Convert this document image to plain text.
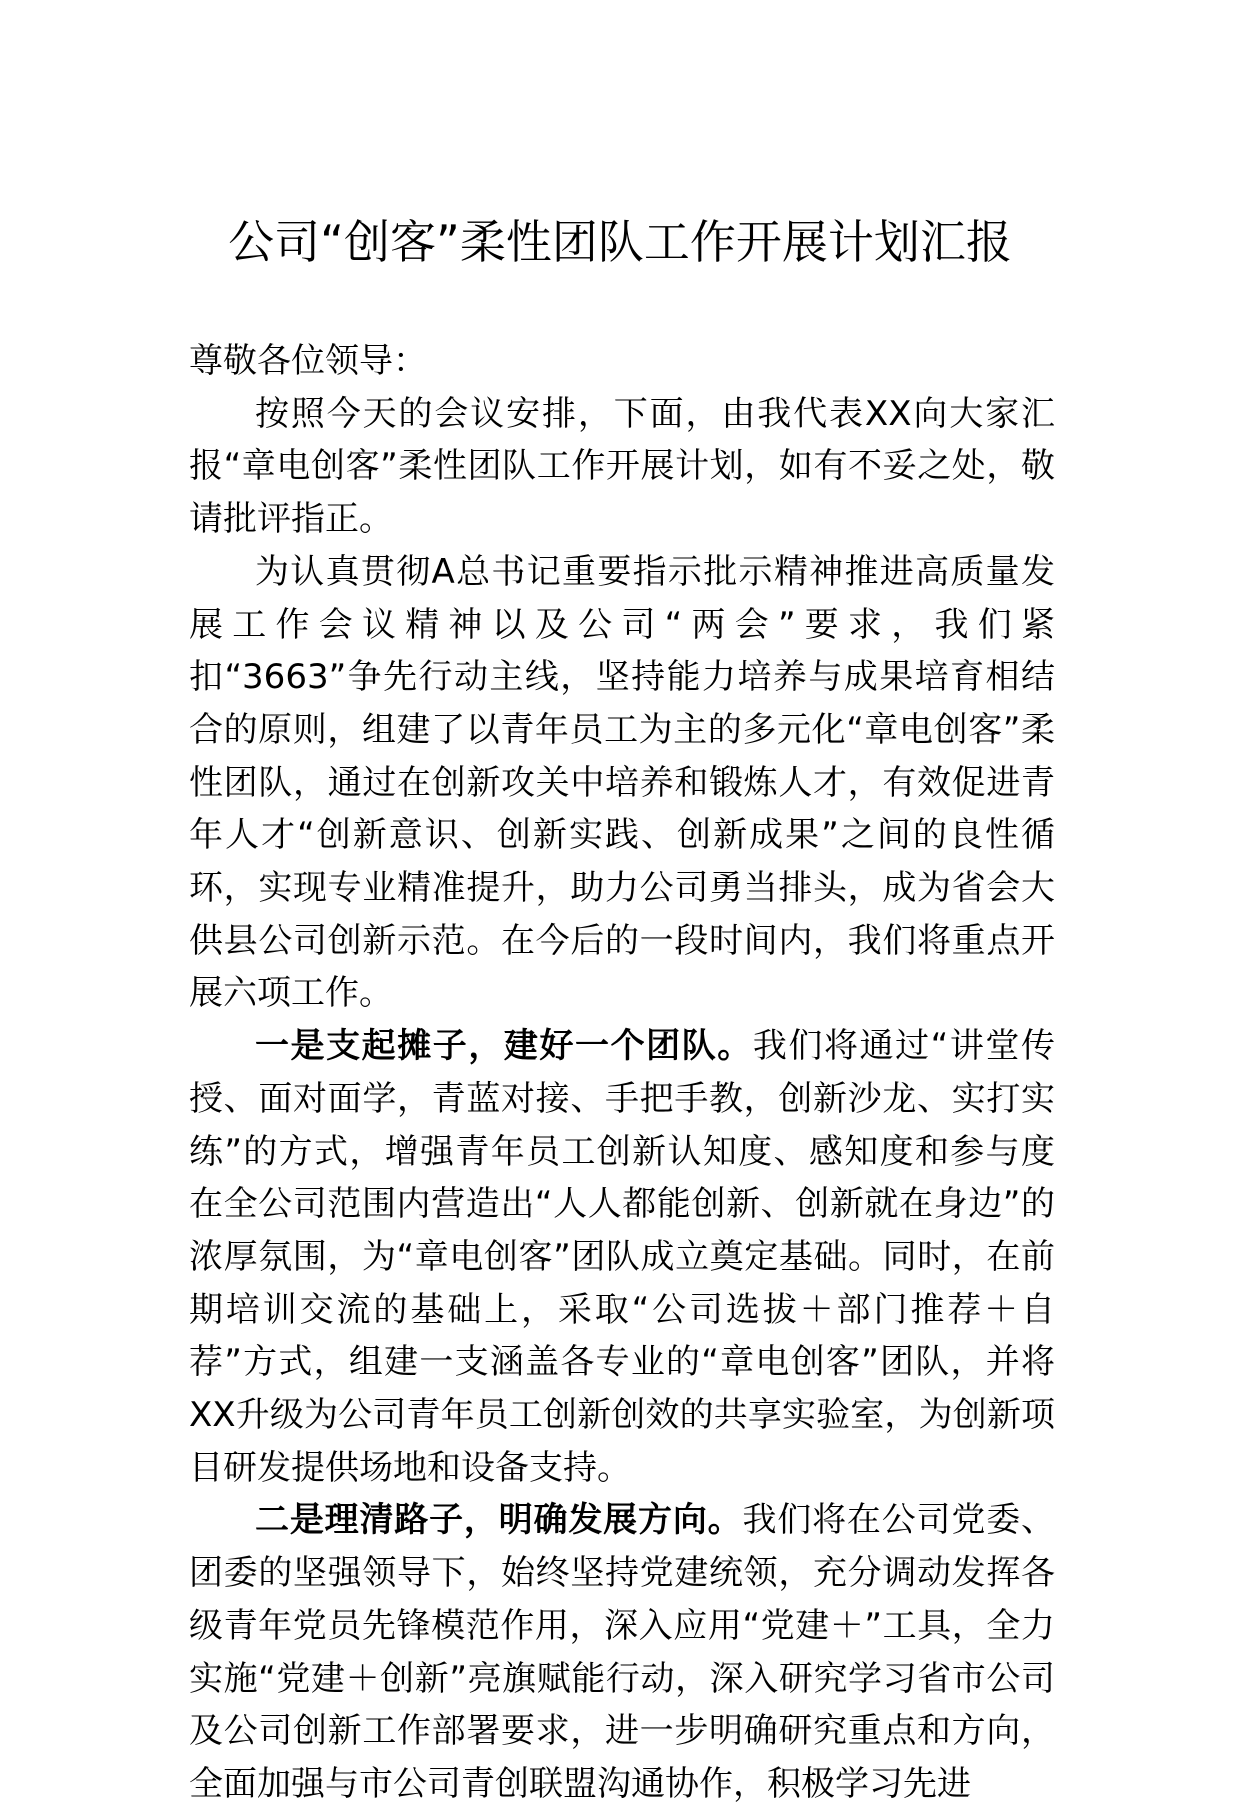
公司“创客”柔性团队工作开展计划汇报

尊敬各位领导：

按照今天的会议安排，下面，由我代表XX向大家汇报“章电创客”柔性团队工作开展计划，如有不妥之处，敬请批评指正。

为认真贯彻A总书记重要指示批示精神推进高质量发展工作会议精神以及公司“两会”要求，我们紧扣“3663”争先行动主线，坚持能力培养与成果培育相结合的原则，组建了以青年员工为主的多元化“章电创客”柔性团队，通过在创新攻关中培养和锻炼人才，有效促进青年人才“创新意识、创新实践、创新成果”之间的良性循环，实现专业精准提升，助力公司勇当排头，成为省会大供县公司创新示范。在今后的一段时间内，我们将重点开展六项工作。

一是支起摊子，建好一个团队。我们将通过“讲堂传授、面对面学，青蓝对接、手把手教，创新沙龙、实打实练”的方式，增强青年员工创新认知度、感知度和参与度在全公司范围内营造出“人人都能创新、创新就在身边”的浓厚氛围，为“章电创客”团队成立奠定基础。同时，在前期培训交流的基础上，采取“公司选拔＋部门推荐＋自荐”方式，组建一支涵盖各专业的“章电创客”团队，并将XX升级为公司青年员工创新创效的共享实验室，为创新项目研发提供场地和设备支持。

二是理清路子，明确发展方向。我们将在公司党委、团委的坚强领导下，始终坚持党建统领，充分调动发挥各级青年党员先锋模范作用，深入应用“党建＋”工具，全力实施“党建＋创新”亮旗赋能行动，深入研究学习省市公司及公司创新工作部署要求，进一步明确研究重点和方向，全面加强与市公司青创联盟沟通协作，积极学习先进
